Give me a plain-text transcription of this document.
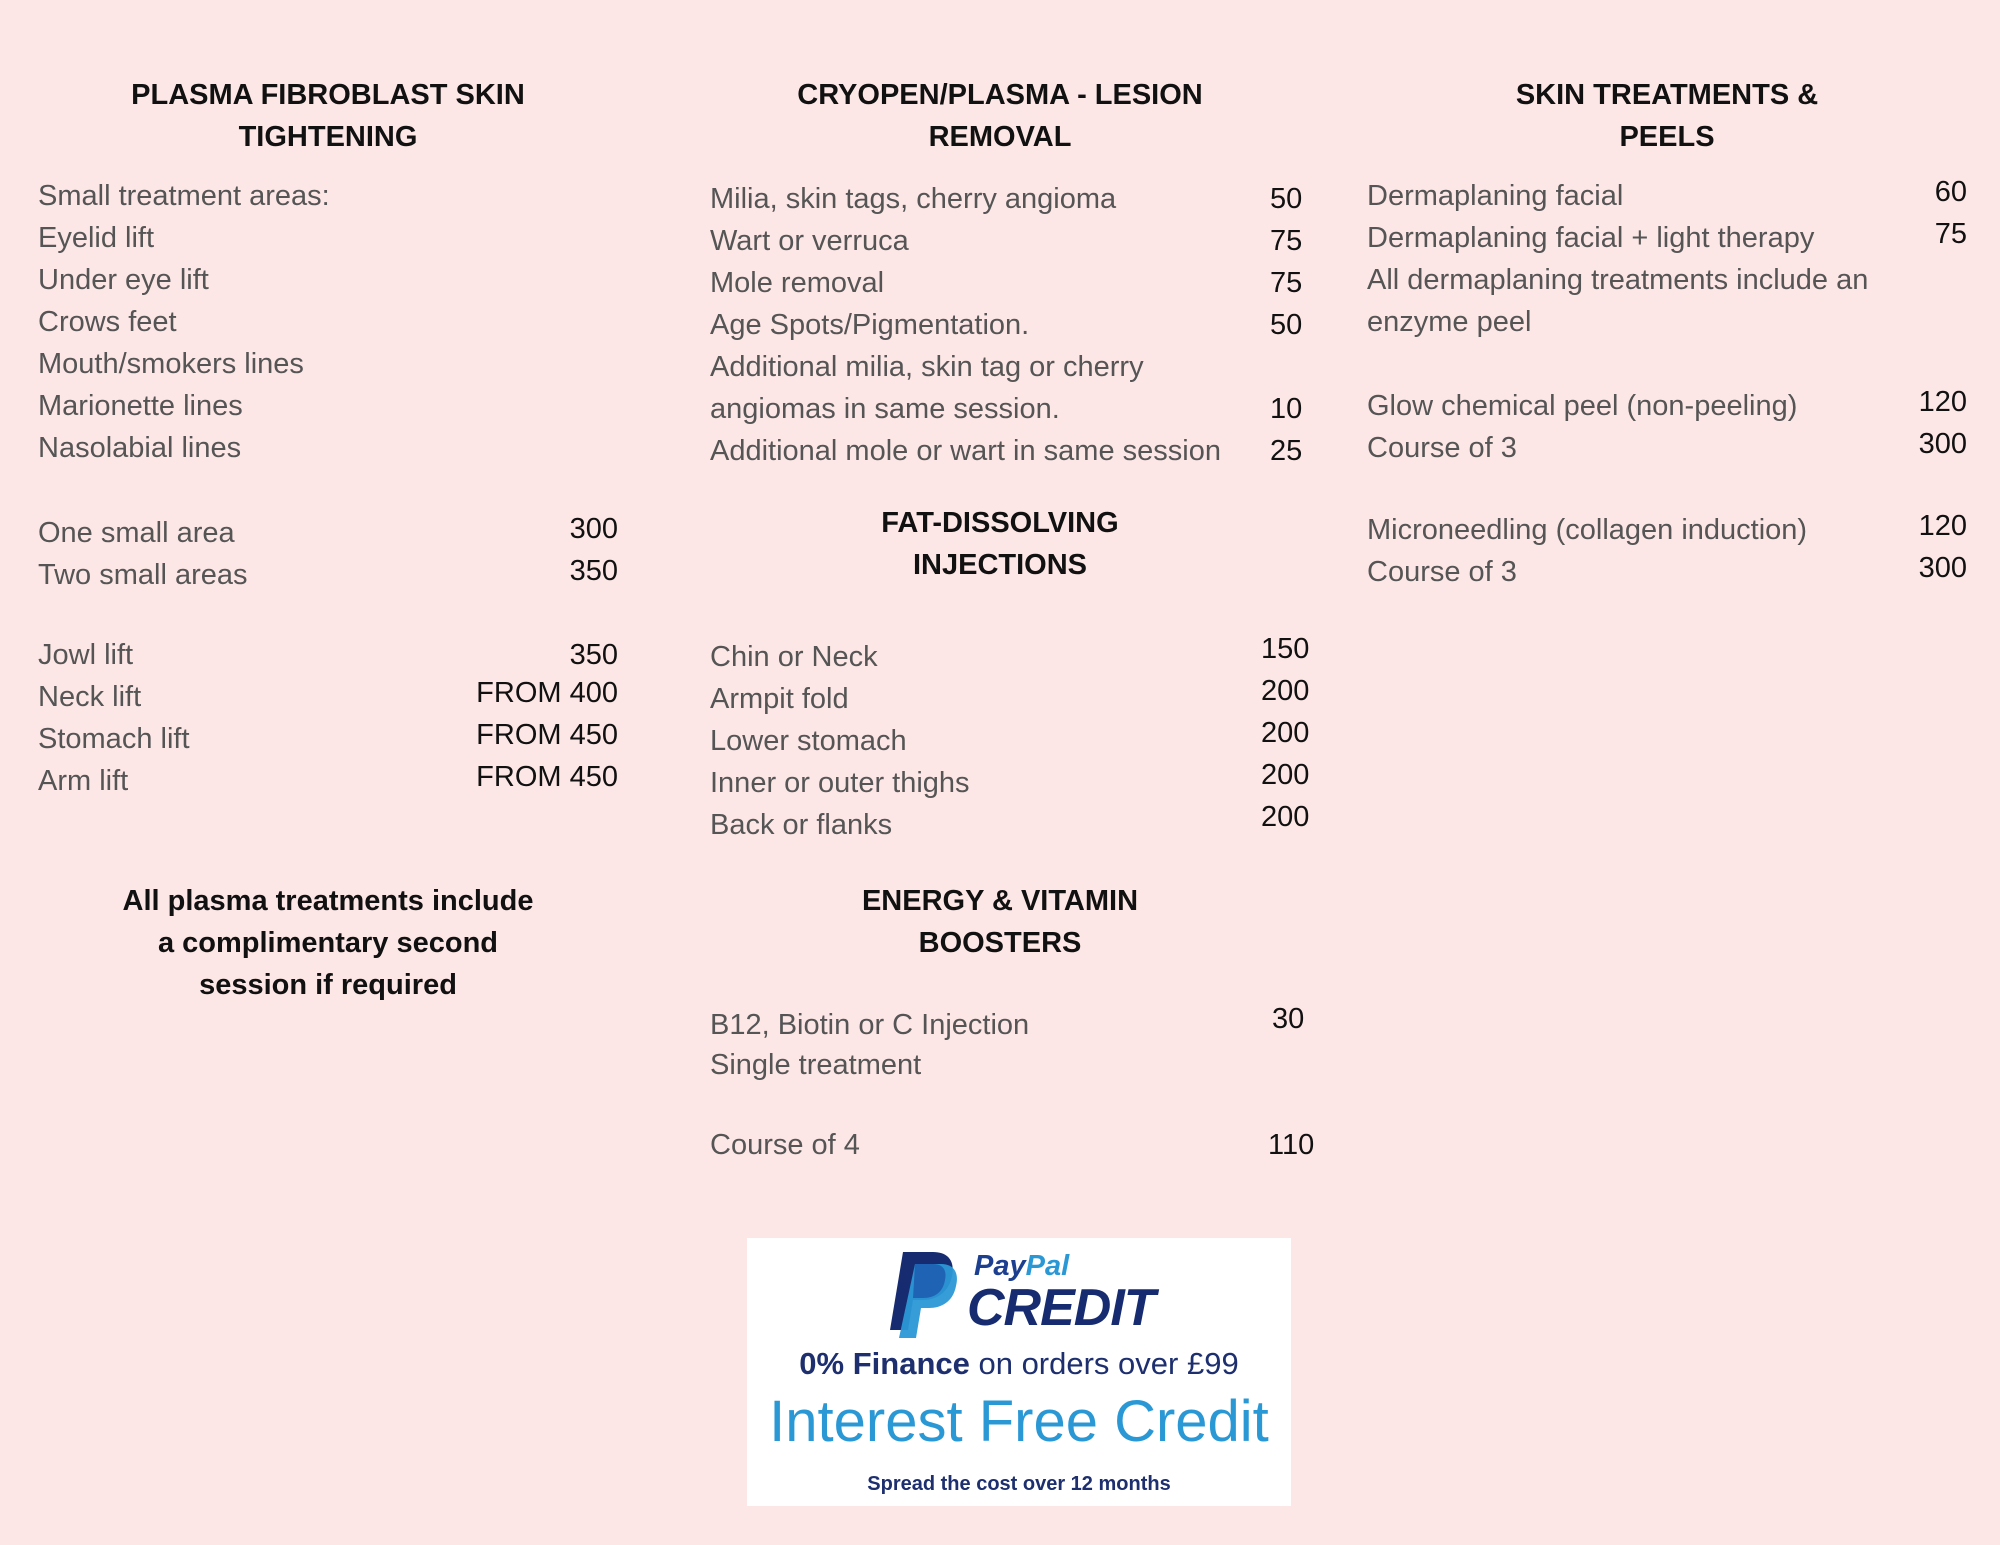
PLASMA FIBROBLAST SKIN
TIGHTENING
Small treatment areas:
Eyelid lift
Under eye lift
Crows feet
Mouth/smokers lines
Marionette lines
Nasolabial lines
One small area	300
Two small areas	350
Jowl lift	350
Neck lift	FROM 400
Stomach lift	FROM 450
Arm lift	FROM 450
All plasma treatments include
a complimentary second
session if required
CRYOPEN/PLASMA - LESION
REMOVAL
Milia, skin tags, cherry angioma	50
Wart or verruca	75
Mole removal	75
Age Spots/Pigmentation.	50
Additional milia, skin tag or cherry
angiomas in same session.	10
Additional mole or wart in same session 25
FAT-DISSOLVING
INJECTIONS
Chin or Neck	150
Armpit fold	200
Lower stomach	200
Inner or outer thighs	200
Back or flanks	200
ENERGY & VITAMIN
BOOSTERS
B12, Biotin or C Injection	30
Single treatment
Course of 4	110
SKIN TREATMENTS &
PEELS
Dermaplaning facial	60
Dermaplaning facial + light therapy	75
All dermaplaning treatments include an
enzyme peel
Glow chemical peel (non-peeling)	120
Course of 3	300
Microneedling (collagen induction)	120
Course of 3	300
PayPal
CREDIT
0% Finance on orders over £99
Interest Free Credit
Spread the cost over 12 months
